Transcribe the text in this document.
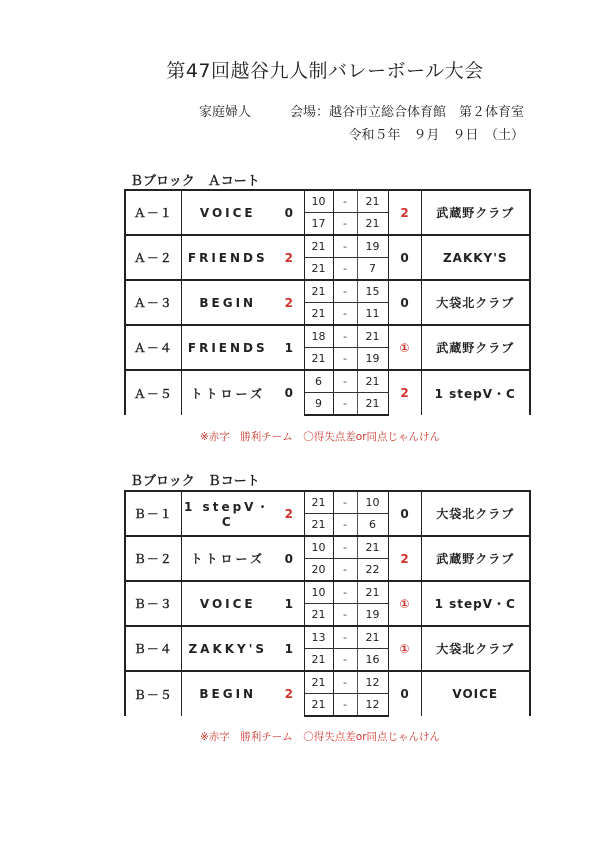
第47回越谷九人制バレーボール大会
家庭婦人　　　	会場：越谷市立総合体育館　第２体育室
令和５年　９月　９日　（土）
Ｂブロック　Ａコート
Ａ－１	VOICE	0	10	-	21	2	武蔵野クラブ
			17	-	21		
Ａ－２	FRIENDS	2	21	-	19	0	ZAKKY'S
			21	-	7		
Ａ－３	BEGIN	2	21	-	15	0	大袋北クラブ
			21	-	11		
Ａ－４	FRIENDS	1	18	-	21	①	武蔵野クラブ
			21	-	19		
Ａ－５	トトローズ	0	6	-	21	2	1 stepV・C
			9	-	21		
※赤字　勝利チーム　〇得失点差or同点じゃんけん
Ｂブロック　Ｂコート
Ｂ－１	1 stepV・C	2	21	-	10	0	大袋北クラブ
			21	-	6		
Ｂ－２	トトローズ	0	10	-	21	2	武蔵野クラブ
			20	-	22		
Ｂ－３	VOICE	1	10	-	21	①	1 stepV・C
			21	-	19		
Ｂ－４	ZAKKY'S	1	13	-	21	①	大袋北クラブ
			21	-	16		
Ｂ－５	BEGIN	2	21	-	12	0	VOICE
			21	-	12		
※赤字　勝利チーム　〇得失点差or同点じゃんけん
